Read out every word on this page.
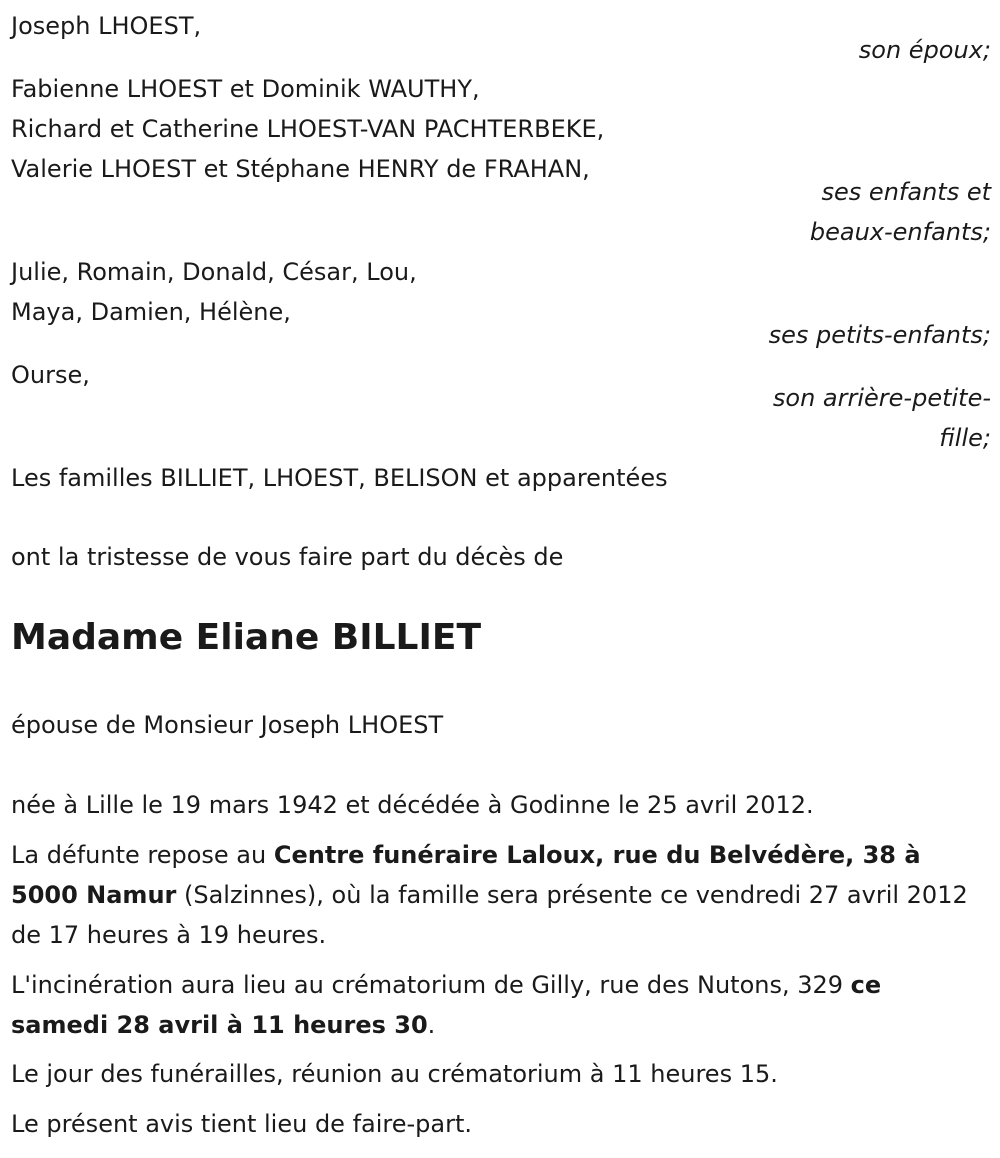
Joseph LHOEST,
son époux;
Fabienne LHOEST et Dominik WAUTHY,
Richard et Catherine LHOEST-VAN PACHTERBEKE,
Valerie LHOEST et Stéphane HENRY de FRAHAN,
ses enfants et
beaux-enfants;
Julie, Romain, Donald, César, Lou,
Maya, Damien, Hélène,
ses petits-enfants;
Ourse,
son arrière-petite-
fille;
Les familles BILLIET, LHOEST, BELISON et apparentées
ont la tristesse de vous faire part du décès de
Madame Eliane BILLIET
épouse de Monsieur Joseph LHOEST
née à Lille le 19 mars 1942 et décédée à Godinne le 25 avril 2012.
La défunte repose au Centre funéraire Laloux, rue du Belvédère, 38 à 5000 Namur (Salzinnes), où la famille sera présente ce vendredi 27 avril 2012 de 17 heures à 19 heures.
L'incinération aura lieu au crématorium de Gilly, rue des Nutons, 329 ce samedi 28 avril à 11 heures 30.
Le jour des funérailles, réunion au crématorium à 11 heures 15.
Le présent avis tient lieu de faire-part.
